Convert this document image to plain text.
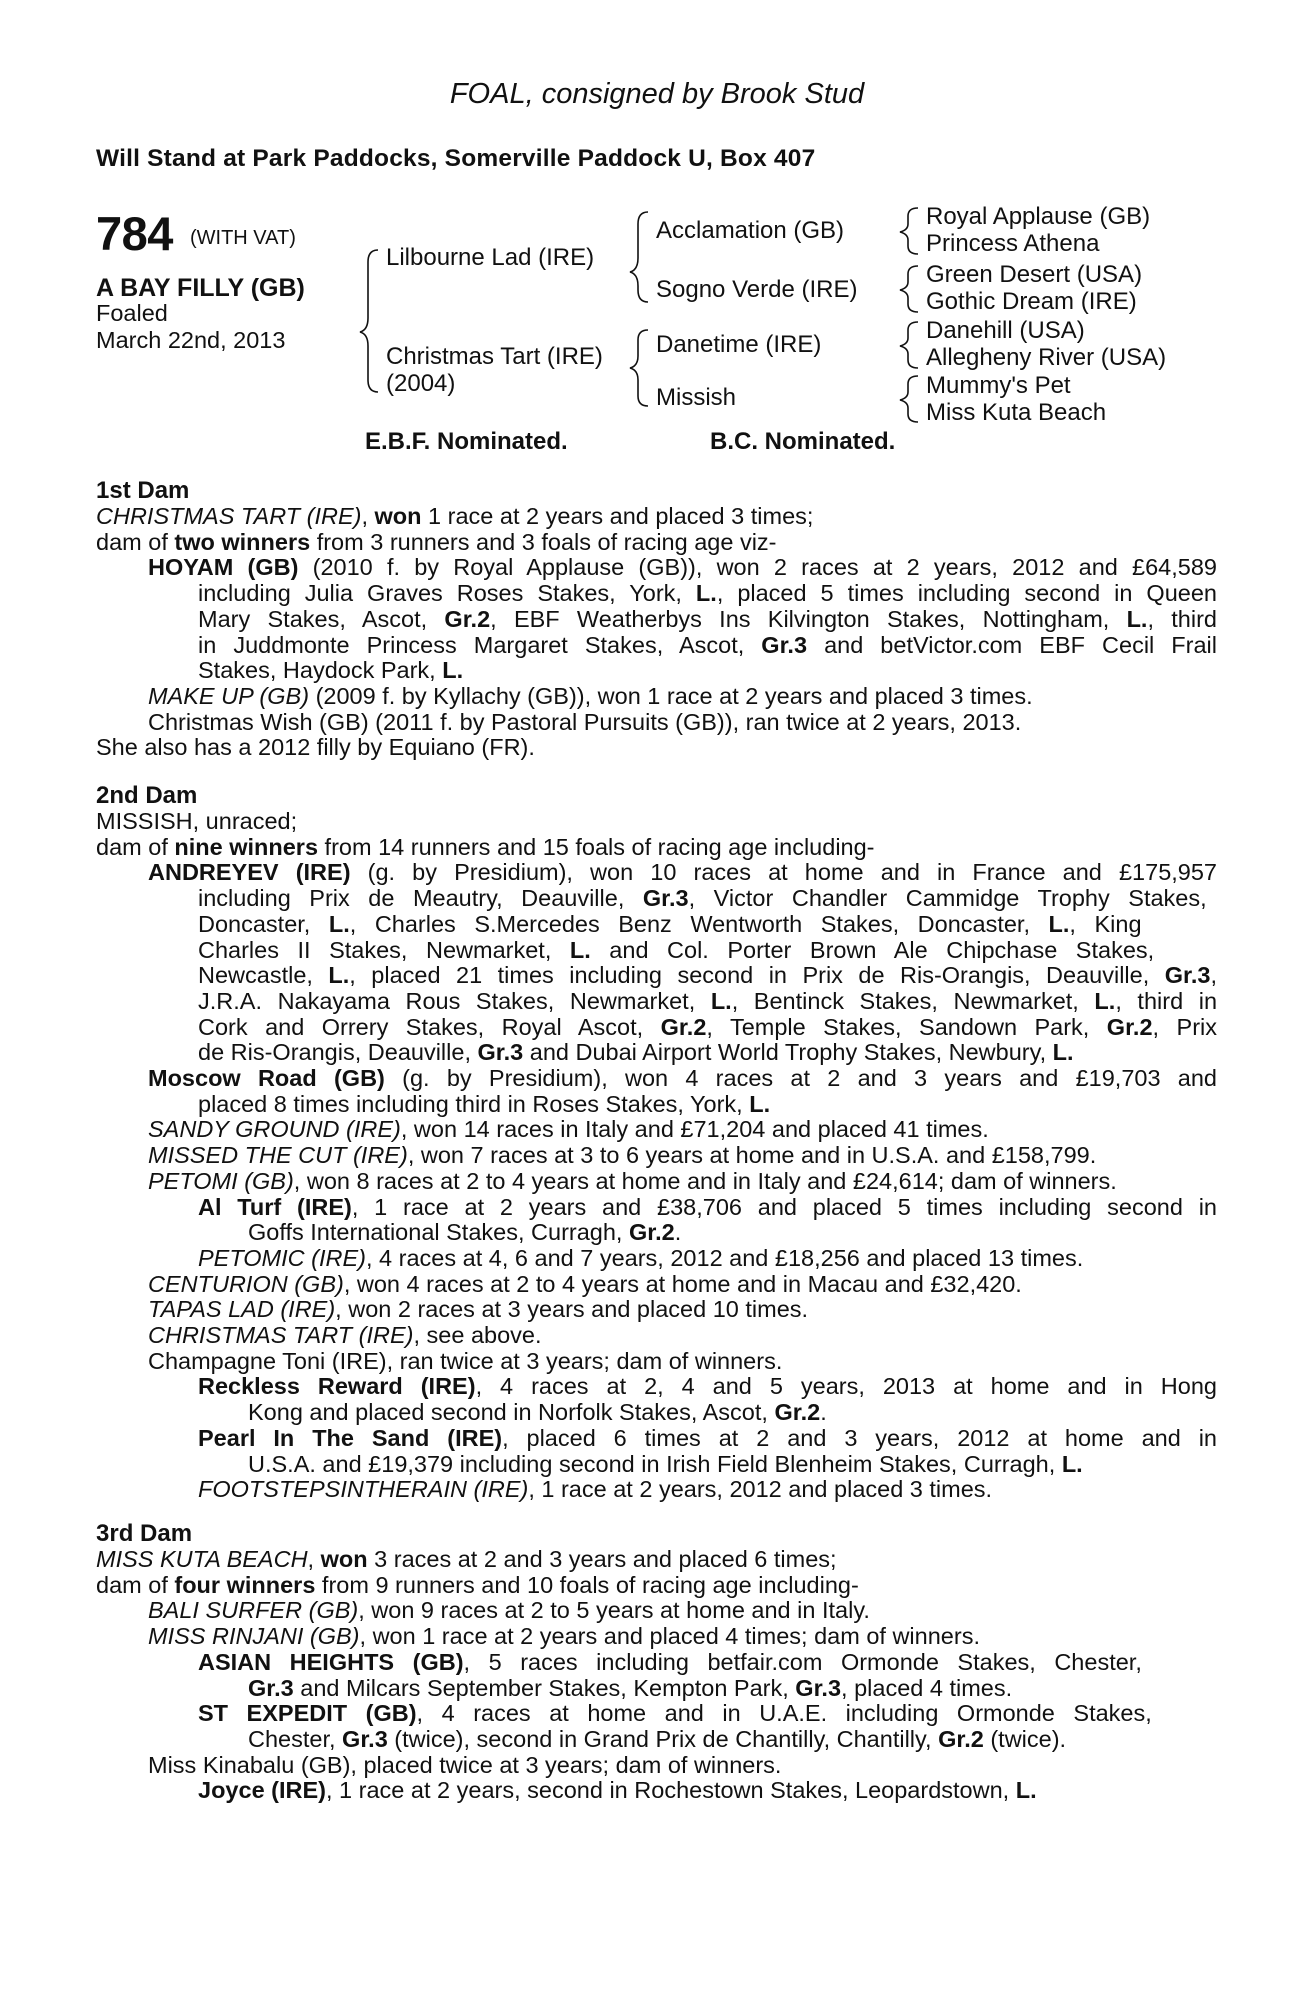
FOAL, consigned by Brook Stud
Will Stand at Park Paddocks, Somerville Paddock U, Box 407
784 (WITH VAT)
A BAY FILLY (GB)
Foaled
March 22nd, 2013
Lilbourne Lad (IRE)
Christmas Tart (IRE)
(2004)
Acclamation (GB)
Sogno Verde (IRE)
Danetime (IRE)
Missish
Royal Applause (GB)
Princess Athena
Green Desert (USA)
Gothic Dream (IRE)
Danehill (USA)
Allegheny River (USA)
Mummy's Pet
Miss Kuta Beach
E.B.F. Nominated.	B.C. Nominated.
1st Dam
CHRISTMAS TART (IRE), won 1 race at 2 years and placed 3 times;
dam of two winners from 3 runners and 3 foals of racing age viz-
HOYAM (GB) (2010 f. by Royal Applause (GB)), won 2 races at 2 years, 2012 and £64,589
including Julia Graves Roses Stakes, York, L., placed 5 times including second in Queen
Mary Stakes, Ascot, Gr.2, EBF Weatherbys Ins Kilvington Stakes, Nottingham, L., third
in Juddmonte Princess Margaret Stakes, Ascot, Gr.3 and betVictor.com EBF Cecil Frail
Stakes, Haydock Park, L.
MAKE UP (GB) (2009 f. by Kyllachy (GB)), won 1 race at 2 years and placed 3 times.
Christmas Wish (GB) (2011 f. by Pastoral Pursuits (GB)), ran twice at 2 years, 2013.
She also has a 2012 filly by Equiano (FR).
2nd Dam
MISSISH, unraced;
dam of nine winners from 14 runners and 15 foals of racing age including-
ANDREYEV (IRE) (g. by Presidium), won 10 races at home and in France and £175,957
including Prix de Meautry, Deauville, Gr.3, Victor Chandler Cammidge Trophy Stakes,
Doncaster, L., Charles S.Mercedes Benz Wentworth Stakes, Doncaster, L., King
Charles II Stakes, Newmarket, L. and Col. Porter Brown Ale Chipchase Stakes,
Newcastle, L., placed 21 times including second in Prix de Ris-Orangis, Deauville, Gr.3,
J.R.A. Nakayama Rous Stakes, Newmarket, L., Bentinck Stakes, Newmarket, L., third in
Cork and Orrery Stakes, Royal Ascot, Gr.2, Temple Stakes, Sandown Park, Gr.2, Prix
de Ris-Orangis, Deauville, Gr.3 and Dubai Airport World Trophy Stakes, Newbury, L.
Moscow Road (GB) (g. by Presidium), won 4 races at 2 and 3 years and £19,703 and
placed 8 times including third in Roses Stakes, York, L.
SANDY GROUND (IRE), won 14 races in Italy and £71,204 and placed 41 times.
MISSED THE CUT (IRE), won 7 races at 3 to 6 years at home and in U.S.A. and £158,799.
PETOMI (GB), won 8 races at 2 to 4 years at home and in Italy and £24,614; dam of winners.
Al Turf (IRE), 1 race at 2 years and £38,706 and placed 5 times including second in
Goffs International Stakes, Curragh, Gr.2.
PETOMIC (IRE), 4 races at 4, 6 and 7 years, 2012 and £18,256 and placed 13 times.
CENTURION (GB), won 4 races at 2 to 4 years at home and in Macau and £32,420.
TAPAS LAD (IRE), won 2 races at 3 years and placed 10 times.
CHRISTMAS TART (IRE), see above.
Champagne Toni (IRE), ran twice at 3 years; dam of winners.
Reckless Reward (IRE), 4 races at 2, 4 and 5 years, 2013 at home and in Hong
Kong and placed second in Norfolk Stakes, Ascot, Gr.2.
Pearl In The Sand (IRE), placed 6 times at 2 and 3 years, 2012 at home and in
U.S.A. and £19,379 including second in Irish Field Blenheim Stakes, Curragh, L.
FOOTSTEPSINTHERAIN (IRE), 1 race at 2 years, 2012 and placed 3 times.
3rd Dam
MISS KUTA BEACH, won 3 races at 2 and 3 years and placed 6 times;
dam of four winners from 9 runners and 10 foals of racing age including-
BALI SURFER (GB), won 9 races at 2 to 5 years at home and in Italy.
MISS RINJANI (GB), won 1 race at 2 years and placed 4 times; dam of winners.
ASIAN HEIGHTS (GB), 5 races including betfair.com Ormonde Stakes, Chester,
Gr.3 and Milcars September Stakes, Kempton Park, Gr.3, placed 4 times.
ST EXPEDIT (GB), 4 races at home and in U.A.E. including Ormonde Stakes,
Chester, Gr.3 (twice), second in Grand Prix de Chantilly, Chantilly, Gr.2 (twice).
Miss Kinabalu (GB), placed twice at 3 years; dam of winners.
Joyce (IRE), 1 race at 2 years, second in Rochestown Stakes, Leopardstown, L.
